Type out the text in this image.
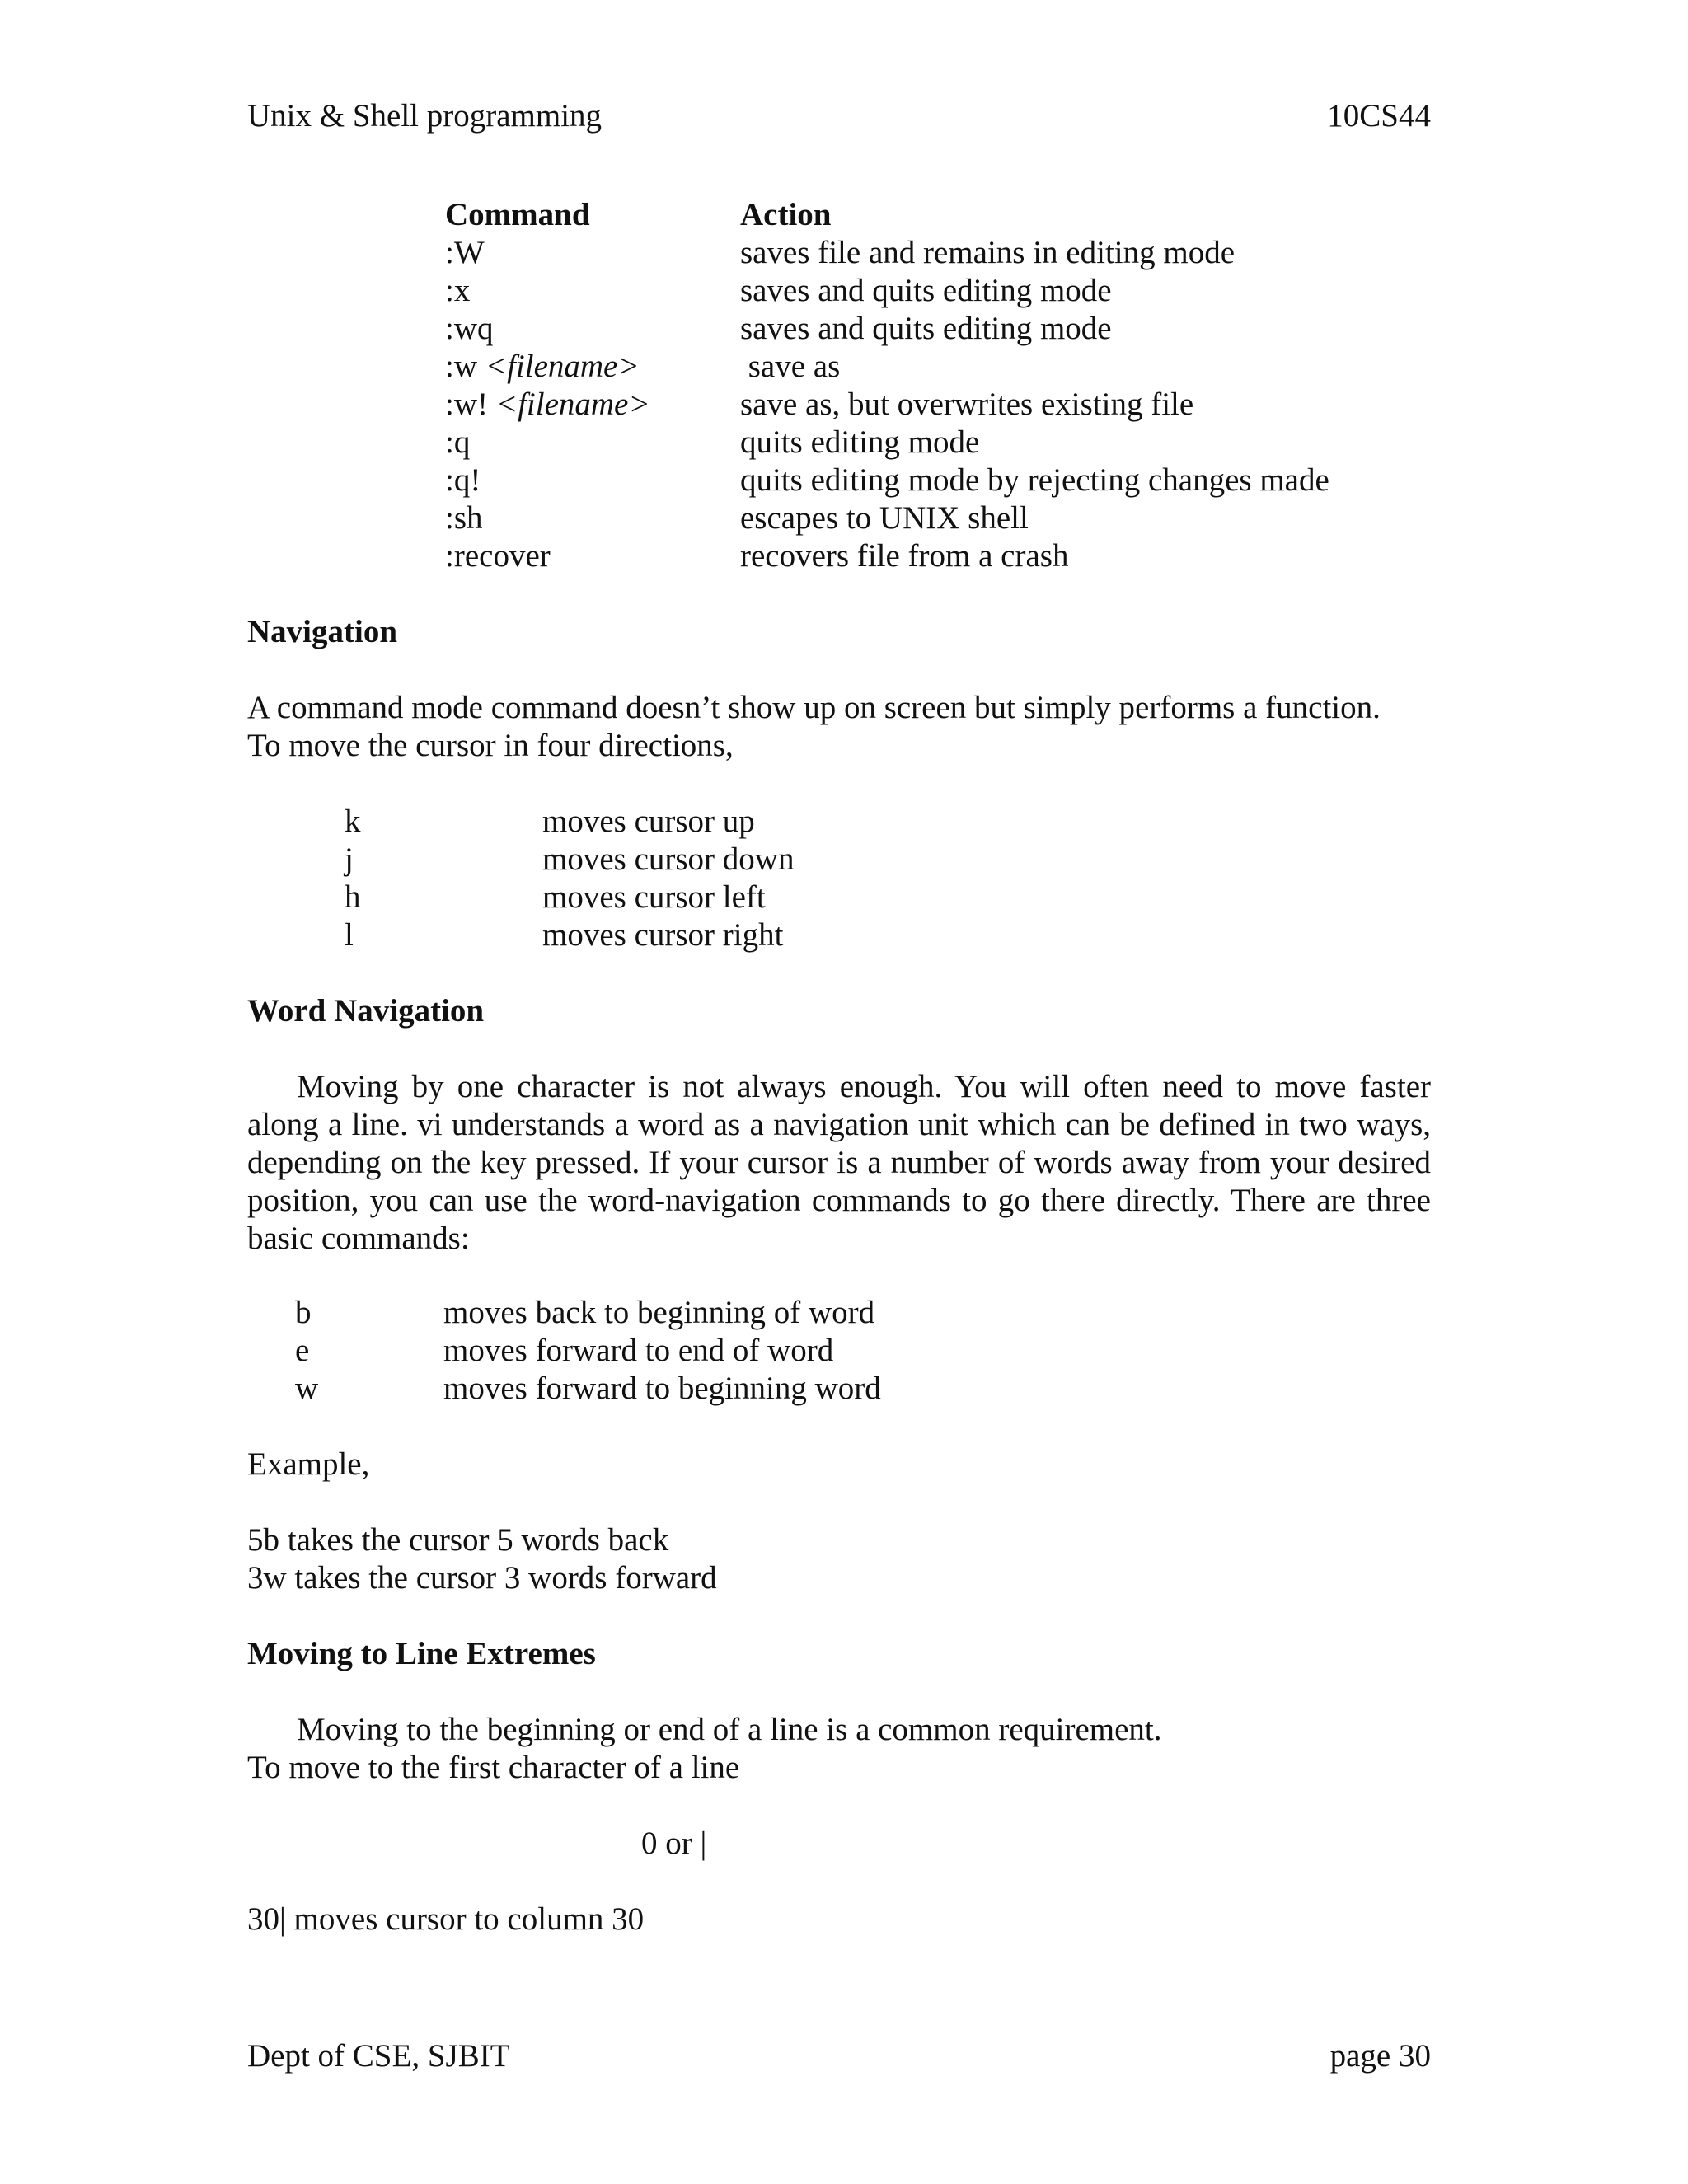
Unix & Shell programming	10CS44
Command	Action
:W	saves file and remains in editing mode
:x	saves and quits editing mode
:wq	saves and quits editing mode
:w <filename>	save as
:w! <filename>	save as, but overwrites existing file
:q	quits editing mode
:q!	quits editing mode by rejecting changes made
:sh	escapes to UNIX shell
:recover	recovers file from a crash
Navigation
A command mode command doesn’t show up on screen but simply performs a function.
To move the cursor in four directions,
k	moves cursor up
j	moves cursor down
h	moves cursor left
l	moves cursor right
Word Navigation
Moving by one character is not always enough. You will often need to move faster along a line. vi understands a word as a navigation unit which can be defined in two ways, depending on the key pressed. If your cursor is a number of words away from your desired position, you can use the word-navigation commands to go there directly. There are three basic commands:
b	moves back to beginning of word
e	moves forward to end of word
w	moves forward to beginning word
Example,
5b takes the cursor 5 words back
3w takes the cursor 3 words forward
Moving to Line Extremes
Moving to the beginning or end of a line is a common requirement.
To move to the first character of a line
0 or |
30| moves cursor to column 30
Dept of CSE, SJBIT	page 30
